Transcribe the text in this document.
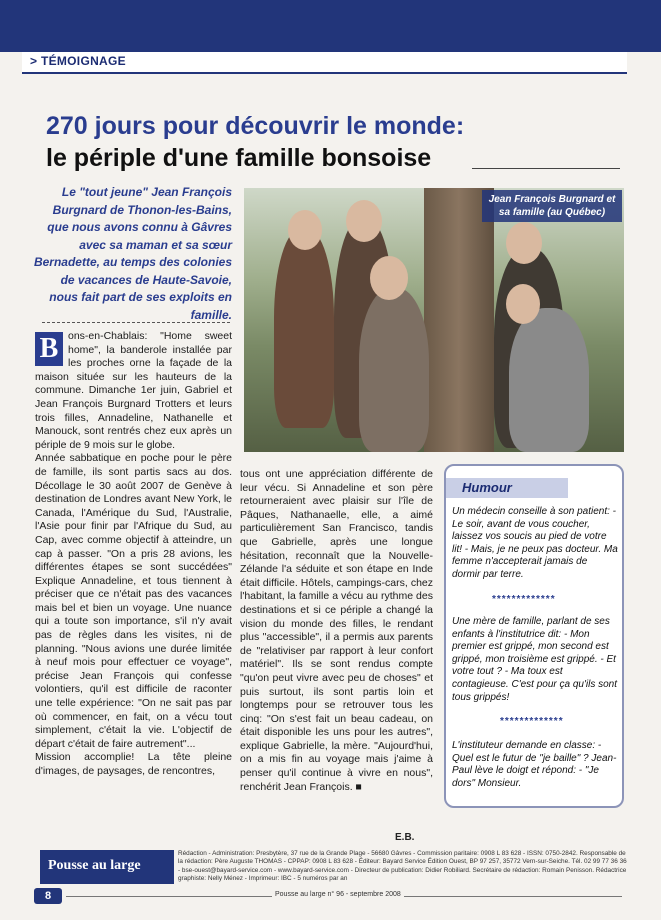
> TÉMOIGNAGE
270 jours pour découvrir le monde:
le périple d'une famille bonsoise
Le "tout jeune" Jean François Burgnard de Thonon-les-Bains, que nous avons connu à Gâvres avec sa maman et sa sœur Bernadette, au temps des colonies de vacances de Haute-Savoie, nous fait part de ses exploits en famille.
Jean François Burgnard et sa famille (au Québec)
B ons-en-Chablais: "Home sweet home", la banderole installée par les proches orne la façade de la maison située sur les hauteurs de la commune. Dimanche 1er juin, Gabriel et Jean François Burgnard Trotters et leurs trois filles, Annadeline, Nathanelle et Manouck, sont rentrés chez eux après un périple de 9 mois sur le globe.

Année sabbatique en poche pour le père de famille, ils sont partis sacs au dos. Décollage le 30 août 2007 de Genève à destination de Londres avant New York, le Canada, l'Amérique du Sud, l'Australie, l'Asie pour finir par l'Afrique du Sud, au Cap, avec comme objectif à atteindre, un cap à passer. "On a pris 28 avions, les différentes étapes se sont succédées" Explique Annadeline, et tous tiennent à préciser que ce n'était pas des vacances mais bel et bien un voyage. Une nuance qui a toute son importance, s'il n'y avait pas de règles dans les visites, ni de planning. "Nous avions une durée limitée à neuf mois pour effectuer ce voyage", précise Jean François qui confesse volontiers, qu'il est difficile de raconter une telle expérience: "On ne sait pas par où commencer, en fait, on a vécu tout simplement, c'était la vie. L'objectif de départ c'était de faire autrement"...

Mission accomplie! La tête pleine d'images, de paysages, de rencontres,

tous ont une appréciation différente de leur vécu. Si Annadeline et son père retourneraient avec plaisir sur l'île de Pâques, Nathanaelle, elle, a aimé particulièrement San Francisco, tandis que Gabrielle, après une longue hésitation, reconnaît que la Nouvelle-Zélande l'a séduite et son étape en Inde était difficile. Hôtels, campings-cars, chez l'habitant, la famille a vécu au rythme des destinations et si ce périple a changé la vision du monde des filles, le rendant plus "accessible", il a permis aux parents de "relativiser par rapport à leur confort matériel". Ils se sont rendus compte "qu'on peut vivre avec peu de choses" et puis surtout, ils sont partis loin et longtemps pour se retrouver tous les cinq: "On s'est fait un beau cadeau, on était disponible les uns pour les autres", explique Gabrielle, la mère. "Aujourd'hui, on a mis fin au voyage mais j'aime à penser qu'il continue à vivre en nous", renchérit Jean François. ■
E.B.
Humour
Un médecin conseille à son patient: - Le soir, avant de vous coucher, laissez vos soucis au pied de votre lit! - Mais, je ne peux pas docteur. Ma femme n'accepterait jamais de dormir par terre.
*************
Une mère de famille, parlant de ses enfants à l'institutrice dit: - Mon premier est grippé, mon second est grippé, mon troisième est grippé. - Et votre tout ? - Ma toux est contagieuse. C'est pour ça qu'ils sont tous grippés!
*************
L'instituteur demande en classe: - Quel est le futur de "je baille" ? Jean-Paul lève le doigt et répond: - "Je dors" Monsieur.
Pousse au large
Rédaction - Administration: Presbytère, 37 rue de la Grande Plage - 56680 Gâvres - Commission paritaire: 0908 L 83 628 - ISSN: 0750-2842. Responsable de la rédaction: Père Auguste THOMAS - CPPAP: 0908 L 83 628 - Éditeur: Bayard Service Édition Ouest, BP 97 257, 35772 Vern-sur-Seiche. Tél. 02 99 77 36 36 - bse-ouest@bayard-service.com - www.bayard-service.com - Directeur de publication: Didier Robiliard. Secrétaire de rédaction: Romain Penisson. Rédactrice graphiste: Nelly Ménez - Imprimeur: IBC - 5 numéros par an
8	Pousse au large n° 96 - septembre 2008
